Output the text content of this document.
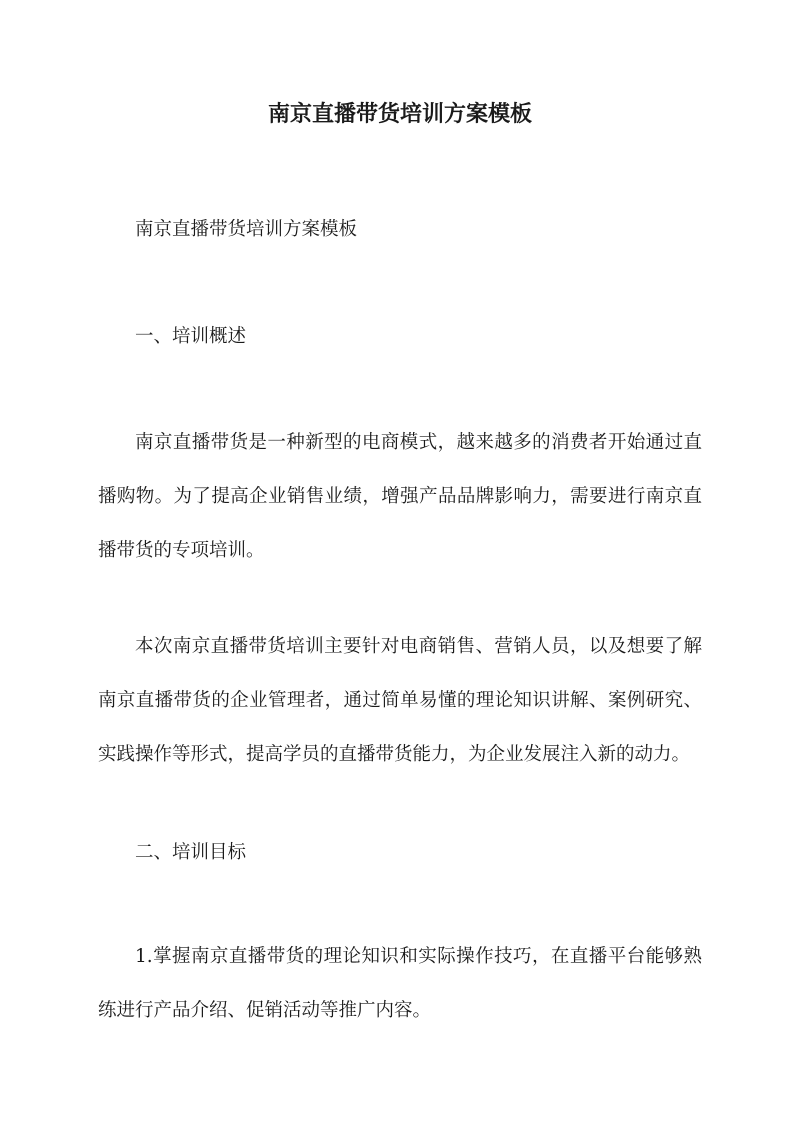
南京直播带货培训方案模板
南京直播带货培训方案模板
一、培训概述
南京直播带货是一种新型的电商模式，越来越多的消费者开始通过直播购物。为了提高企业销售业绩，增强产品品牌影响力，需要进行南京直播带货的专项培训。
本次南京直播带货培训主要针对电商销售、营销人员，以及想要了解南京直播带货的企业管理者，通过简单易懂的理论知识讲解、案例研究、实践操作等形式，提高学员的直播带货能力，为企业发展注入新的动力。
二、培训目标
1.掌握南京直播带货的理论知识和实际操作技巧，在直播平台能够熟练进行产品介绍、促销活动等推广内容。
